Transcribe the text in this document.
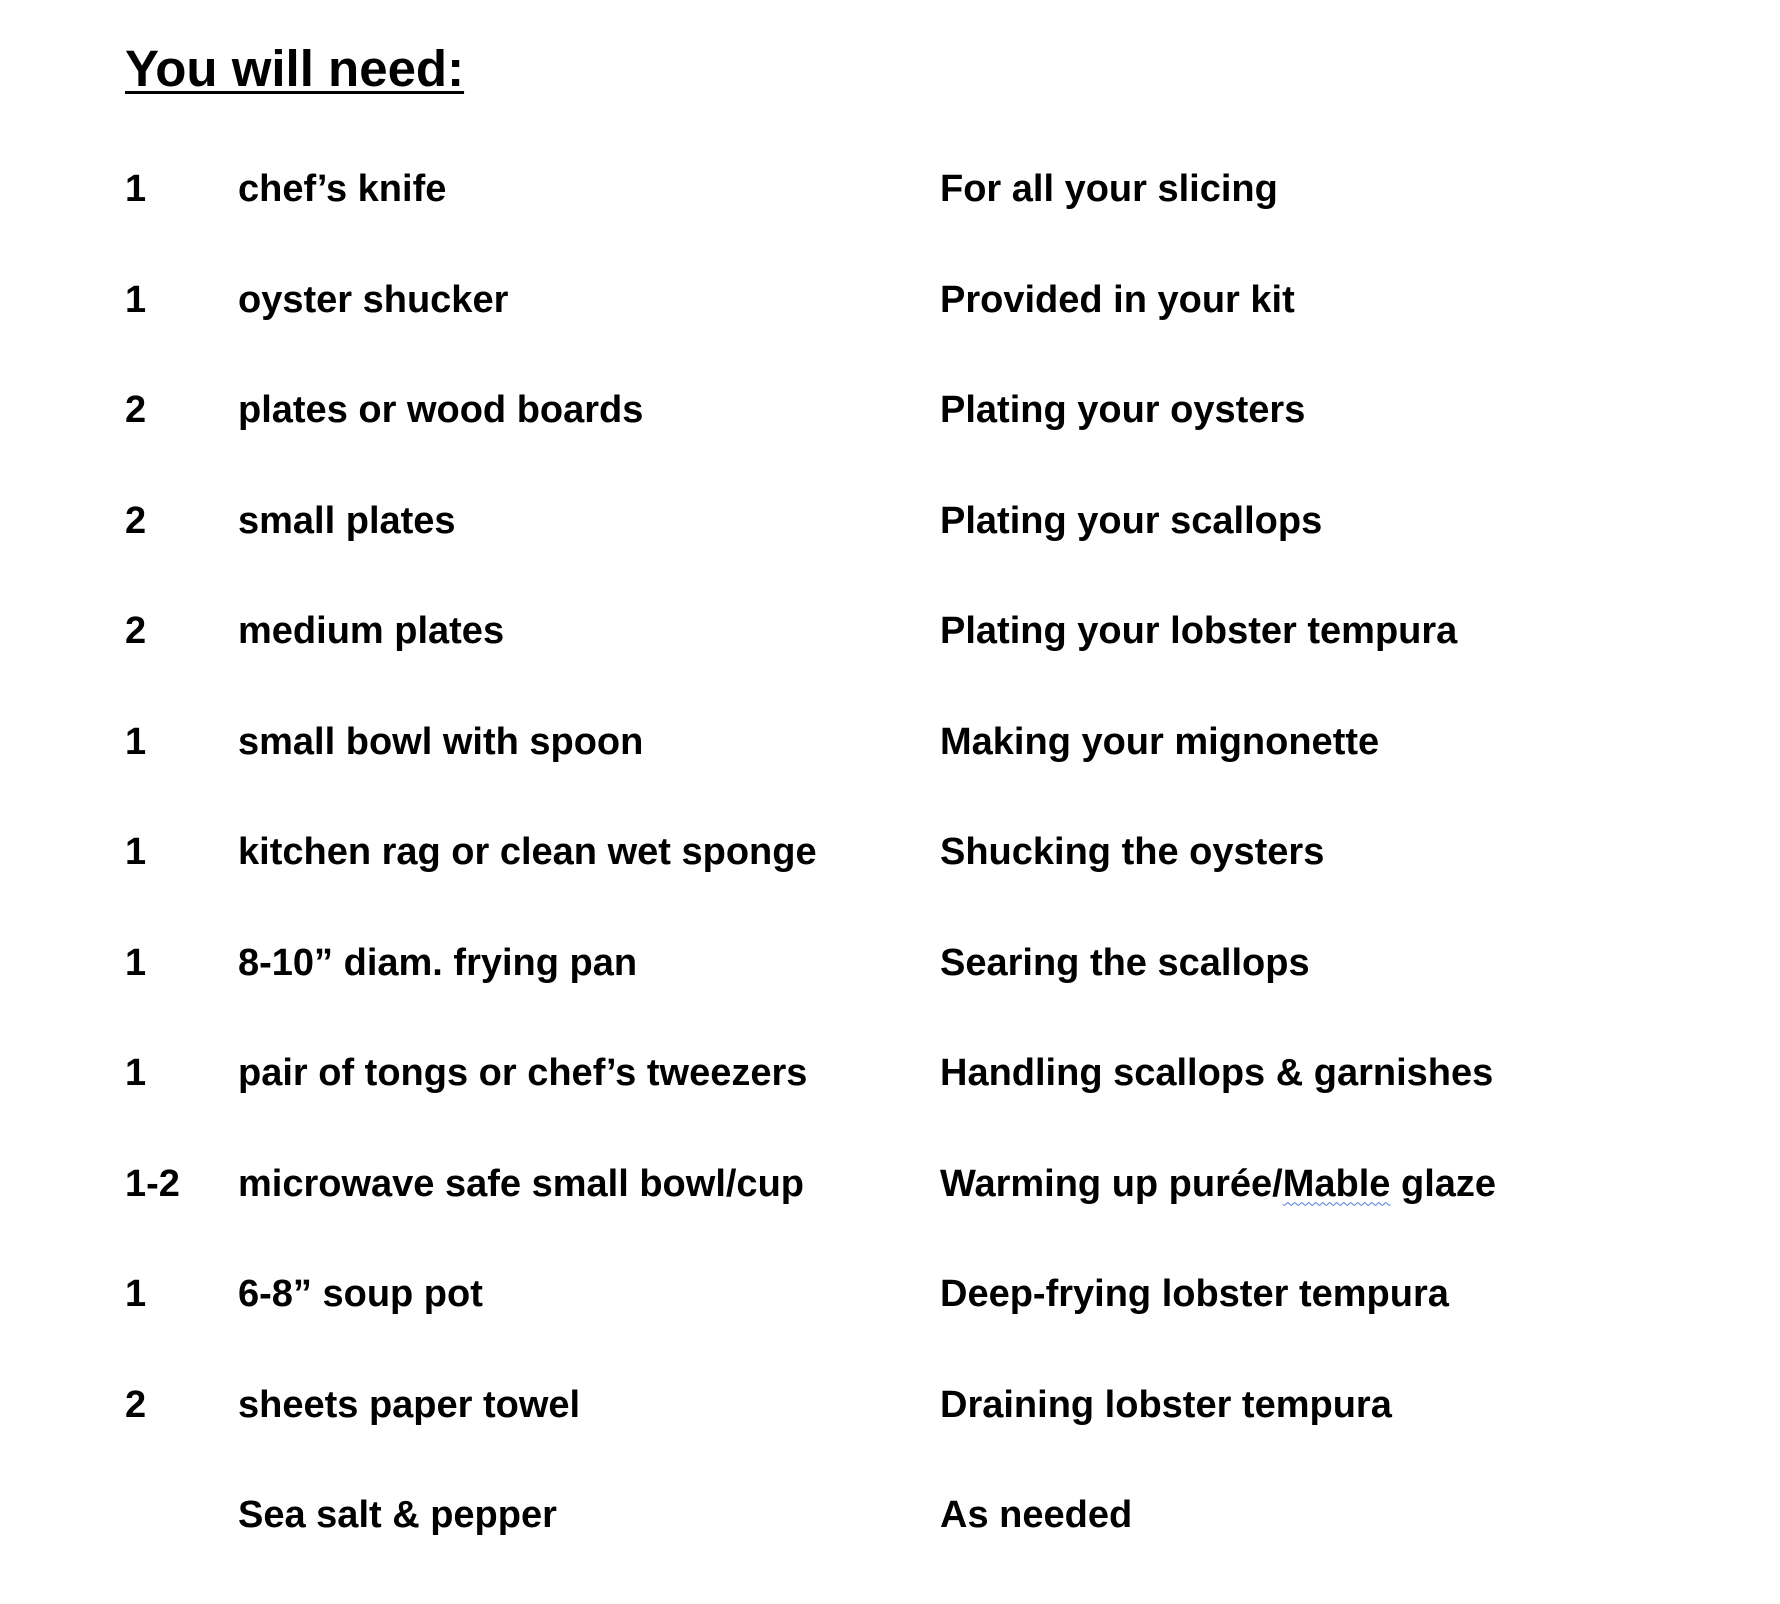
You will need:
1 chef’s knife	For all your slicing
1 oyster shucker	Provided in your kit
2 plates or wood boards	Plating your oysters
2 small plates	Plating your scallops
2 medium plates	Plating your lobster tempura
1 small bowl with spoon	Making your mignonette
1 kitchen rag or clean wet sponge	Shucking the oysters
1 8-10” diam. frying pan	Searing the scallops
1 pair of tongs or chef’s tweezers	Handling scallops & garnishes
1-2 microwave safe small bowl/cup	Warming up purée/Mable glaze
1 6-8” soup pot	Deep-frying lobster tempura
2 sheets paper towel	Draining lobster tempura
Sea salt & pepper	As needed
